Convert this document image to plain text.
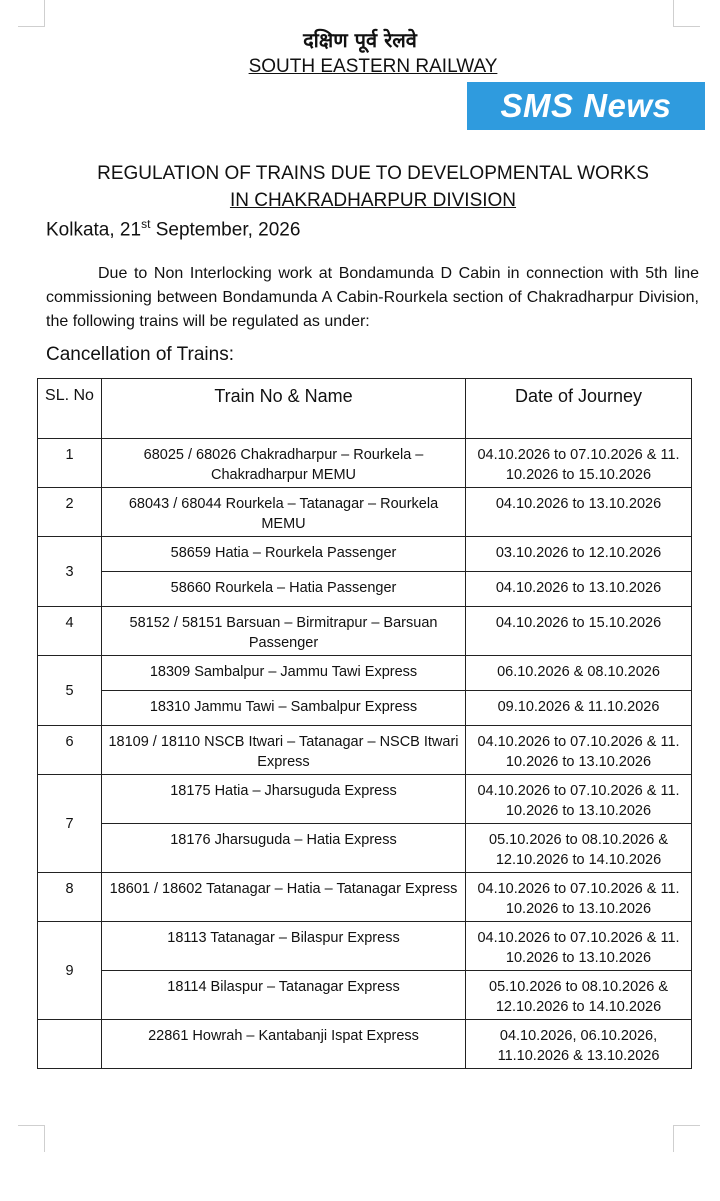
दक्षिण पूर्व रेलवे
SOUTH EASTERN RAILWAY
SMS News
REGULATION OF TRAINS DUE TO DEVELOPMENTAL WORKS
IN CHAKRADHARPUR DIVISION
Kolkata, 21st September, 2026
Due to Non Interlocking work at Bondamunda D Cabin in connection with 5th line commissioning between Bondamunda A Cabin-Rourkela section of Chakradharpur Division, the following trains will be regulated as under:
Cancellation of Trains:
SL. No	Train No & Name	Date of Journey
1	68025 / 68026 Chakradharpur – Rourkela – Chakradharpur MEMU	04.10.2026 to 07.10.2026 & 11. 10.2026 to 15.10.2026
2	68043 / 68044 Rourkela – Tatanagar – Rourkela MEMU	04.10.2026 to 13.10.2026
3	58659 Hatia – Rourkela Passenger	03.10.2026 to 12.10.2026
	58660 Rourkela – Hatia Passenger	04.10.2026 to 13.10.2026
4	58152 / 58151 Barsuan – Birmitrapur – Barsuan Passenger	04.10.2026 to 15.10.2026
5	18309 Sambalpur – Jammu Tawi Express	06.10.2026 & 08.10.2026
	18310 Jammu Tawi – Sambalpur Express	09.10.2026 & 11.10.2026
6	18109 / 18110 NSCB Itwari – Tatanagar – NSCB Itwari Express	04.10.2026 to 07.10.2026 & 11. 10.2026 to 13.10.2026
7	18175 Hatia – Jharsuguda Express	04.10.2026 to 07.10.2026 & 11. 10.2026 to 13.10.2026
	18176 Jharsuguda – Hatia Express	05.10.2026 to 08.10.2026 & 12.10.2026 to 14.10.2026
8	18601 / 18602 Tatanagar – Hatia – Tatanagar Express	04.10.2026 to 07.10.2026 & 11. 10.2026 to 13.10.2026
9	18113 Tatanagar – Bilaspur Express	04.10.2026 to 07.10.2026 & 11. 10.2026 to 13.10.2026
	18114 Bilaspur – Tatanagar Express	05.10.2026 to 08.10.2026 & 12.10.2026 to 14.10.2026
	22861 Howrah – Kantabanji Ispat Express	04.10.2026, 06.10.2026, 11.10.2026 & 13.10.2026
